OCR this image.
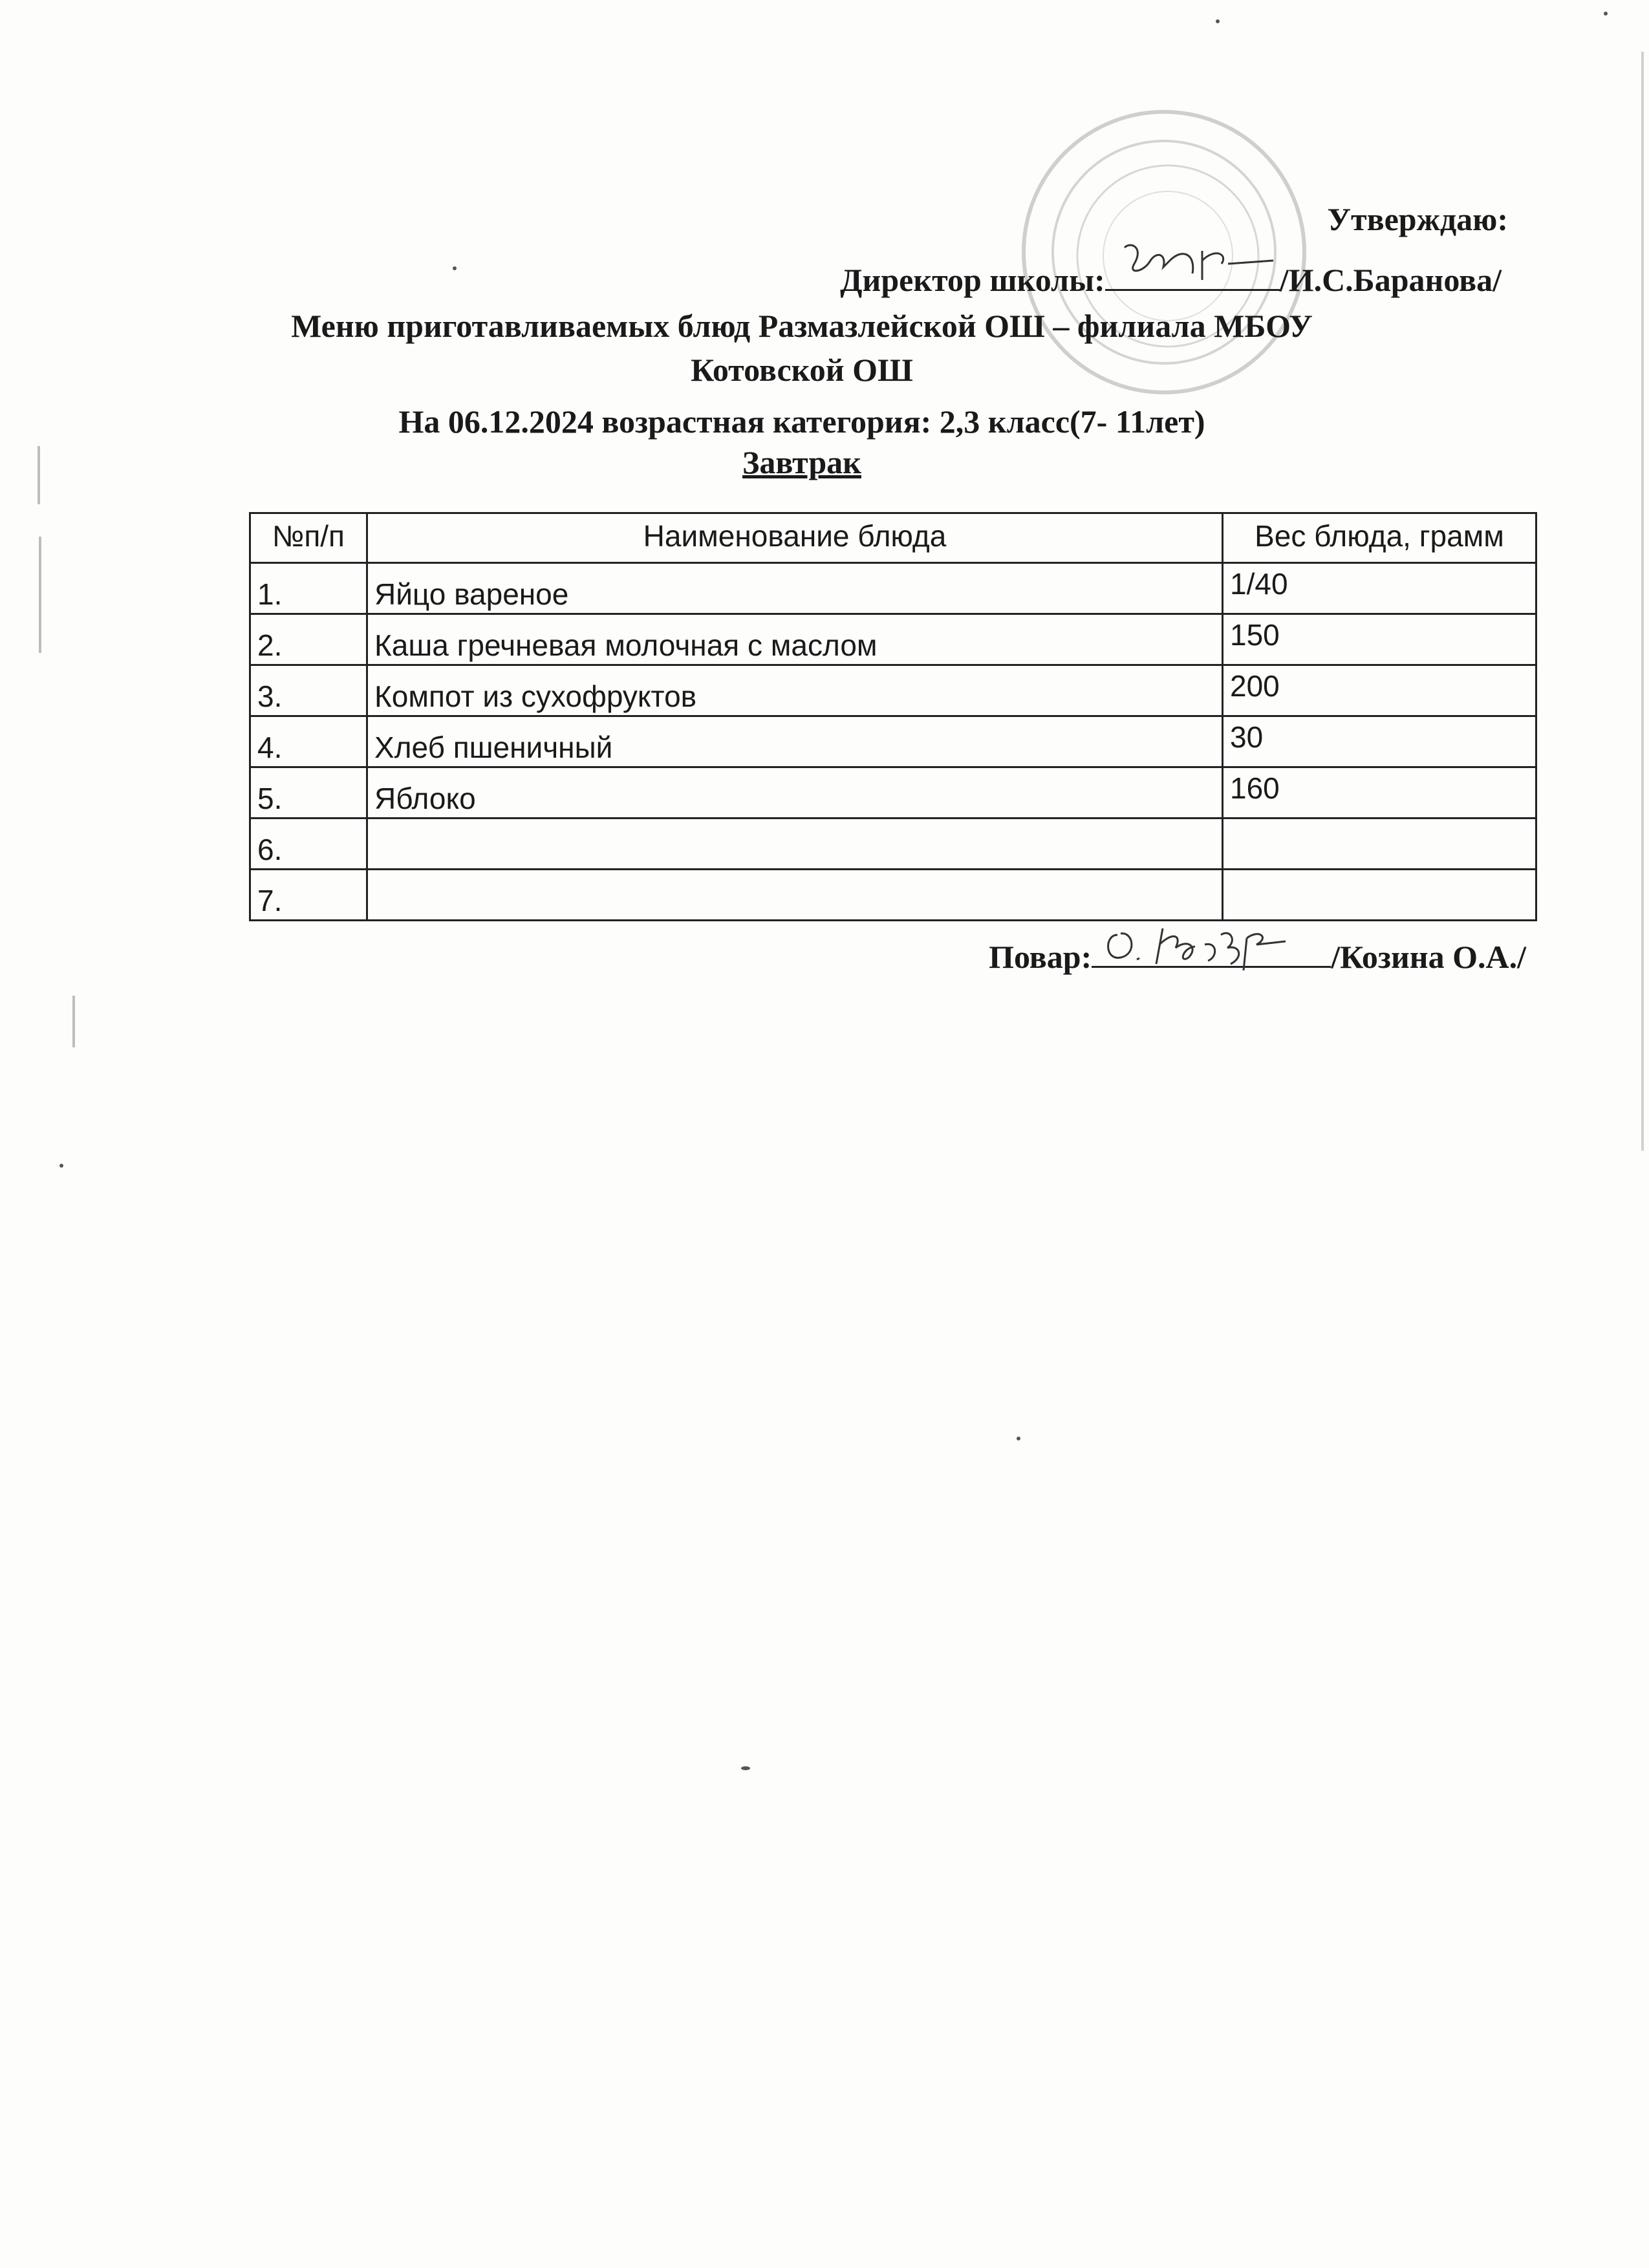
Утверждаю:
Директор школы:	/И.С.Баранова/
Меню приготавливаемых блюд Размазлейской ОШ – филиала МБОУ
Котовской ОШ
На 06.12.2024 возрастная категория: 2,3 класс(7- 11лет)
Завтрак
№п/п	Наименование блюда	Вес блюда, грамм
1.	Яйцо вареное	1/40
2.	Каша гречневая молочная с маслом	150
3.	Компот из сухофруктов	200
4.	Хлеб пшеничный	30
5.	Яблоко	160
6.		
7.		
Повар:	/Козина О.А./
